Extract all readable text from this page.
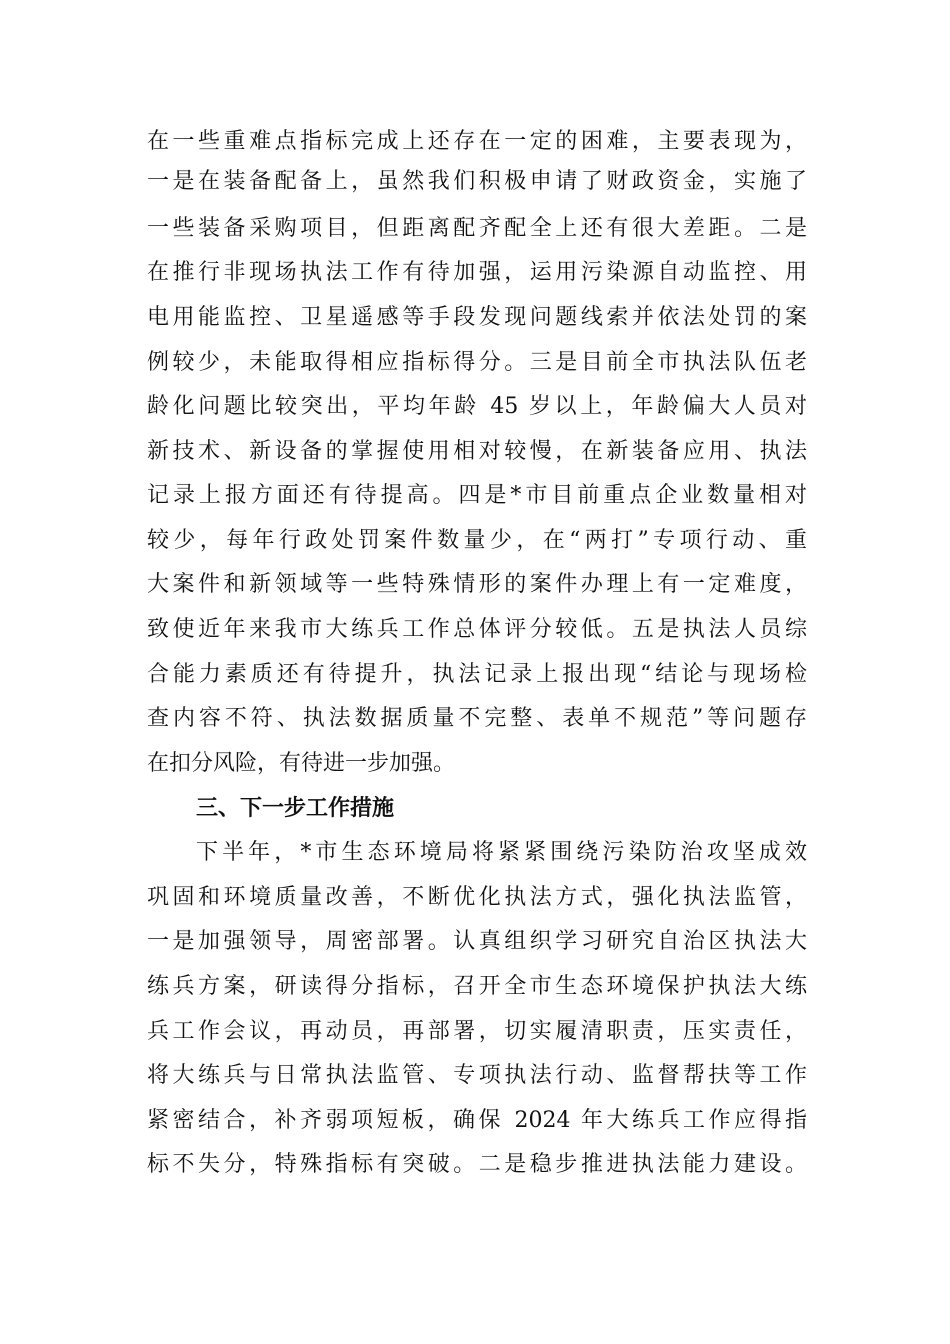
在一些重难点指标完成上还存在一定的困难，主要表现为，
一是在装备配备上，虽然我们积极申请了财政资金，实施了
一些装备采购项目，但距离配齐配全上还有很大差距。二是
在推行非现场执法工作有待加强，运用污染源自动监控、用
电用能监控、卫星遥感等手段发现问题线索并依法处罚的案
例较少，未能取得相应指标得分。三是目前全市执法队伍老
龄化问题比较突出，平均年龄 45 岁以上，年龄偏大人员对
新技术、新设备的掌握使用相对较慢，在新装备应用、执法
记录上报方面还有待提高。四是*市目前重点企业数量相对
较少，每年行政处罚案件数量少，在“两打”专项行动、重
大案件和新领域等一些特殊情形的案件办理上有一定难度，
致使近年来我市大练兵工作总体评分较低。五是执法人员综
合能力素质还有待提升，执法记录上报出现“结论与现场检
查内容不符、执法数据质量不完整、表单不规范”等问题存
在扣分风险，有待进一步加强。
三、下一步工作措施
下半年，*市生态环境局将紧紧围绕污染防治攻坚成效
巩固和环境质量改善，不断优化执法方式，强化执法监管，
一是加强领导，周密部署。认真组织学习研究自治区执法大
练兵方案，研读得分指标，召开全市生态环境保护执法大练
兵工作会议，再动员，再部署，切实履清职责，压实责任，
将大练兵与日常执法监管、专项执法行动、监督帮扶等工作
紧密结合，补齐弱项短板，确保 2024 年大练兵工作应得指
标不失分，特殊指标有突破。二是稳步推进执法能力建设。
